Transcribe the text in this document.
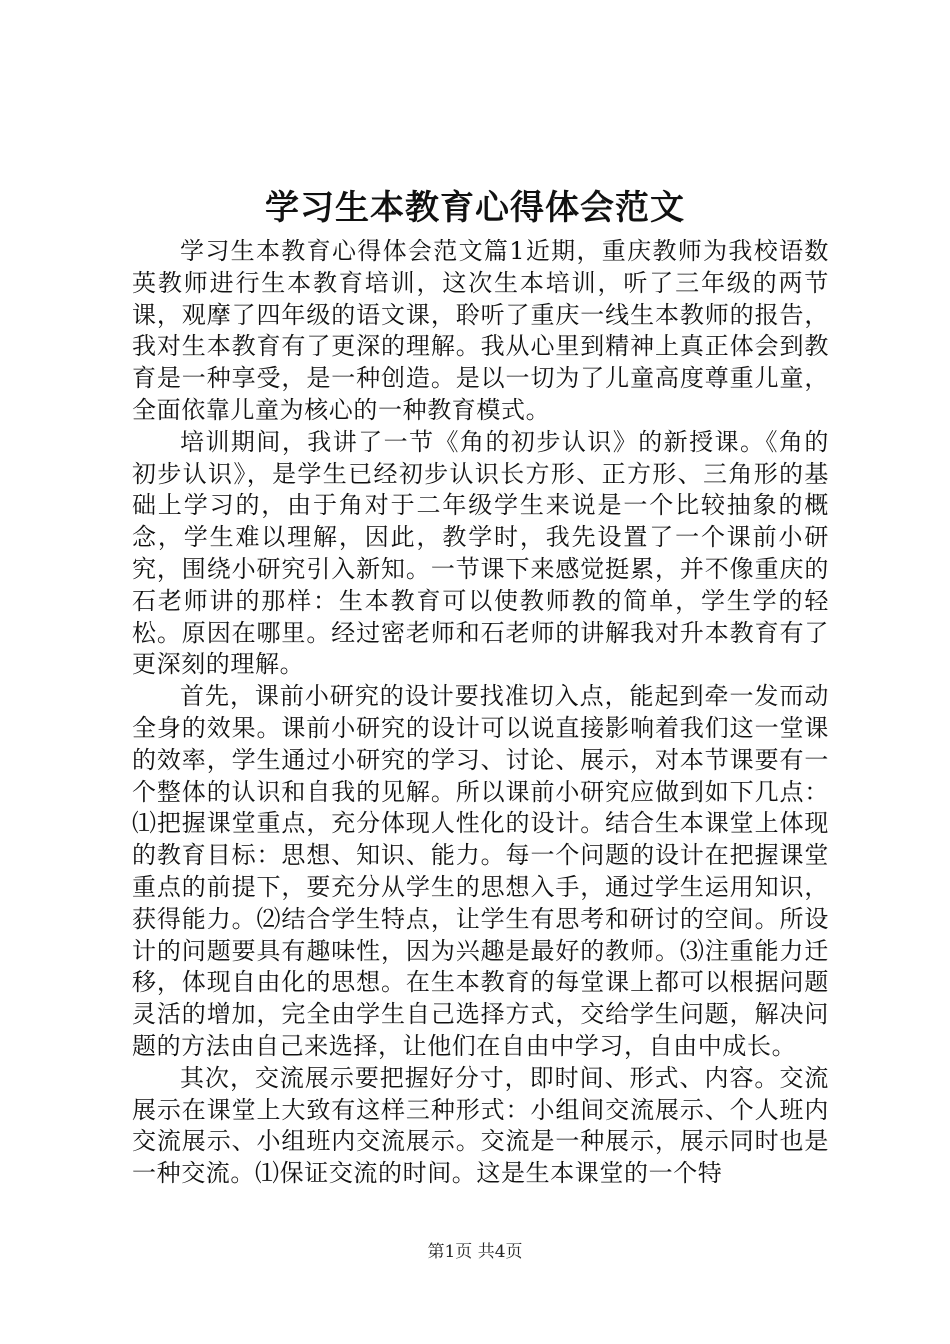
学习生本教育心得体会范文

学习生本教育心得体会范文篇1近期，重庆教师为我校语数英教师进行生本教育培训，这次生本培训，听了三年级的两节课，观摩了四年级的语文课，聆听了重庆一线生本教师的报告，我对生本教育有了更深的理解。我从心里到精神上真正体会到教育是一种享受，是一种创造。是以一切为了儿童高度尊重儿童，全面依靠儿童为核心的一种教育模式。

培训期间，我讲了一节《角的初步认识》的新授课。《角的初步认识》，是学生已经初步认识长方形、正方形、三角形的基础上学习的，由于角对于二年级学生来说是一个比较抽象的概念，学生难以理解，因此，教学时，我先设置了一个课前小研究，围绕小研究引入新知。一节课下来感觉挺累，并不像重庆的石老师讲的那样：生本教育可以使教师教的简单，学生学的轻松。原因在哪里。经过密老师和石老师的讲解我对升本教育有了更深刻的理解。

首先，课前小研究的设计要找准切入点，能起到牵一发而动全身的效果。课前小研究的设计可以说直接影响着我们这一堂课的效率，学生通过小研究的学习、讨论、展示，对本节课要有一个整体的认识和自我的见解。所以课前小研究应做到如下几点：⑴把握课堂重点，充分体现人性化的设计。结合生本课堂上体现的教育目标：思想、知识、能力。每一个问题的设计在把握课堂重点的前提下，要充分从学生的思想入手，通过学生运用知识，获得能力。⑵结合学生特点，让学生有思考和研讨的空间。所设计的问题要具有趣味性，因为兴趣是最好的教师。⑶注重能力迁移，体现自由化的思想。在生本教育的每堂课上都可以根据问题灵活的增加，完全由学生自己选择方式，交给学生问题，解决问题的方法由自己来选择，让他们在自由中学习，自由中成长。

其次，交流展示要把握好分寸，即时间、形式、内容。交流展示在课堂上大致有这样三种形式：小组间交流展示、个人班内交流展示、小组班内交流展示。交流是一种展示，展示同时也是一种交流。⑴保证交流的时间。这是生本课堂的一个特

第1页 共4页
